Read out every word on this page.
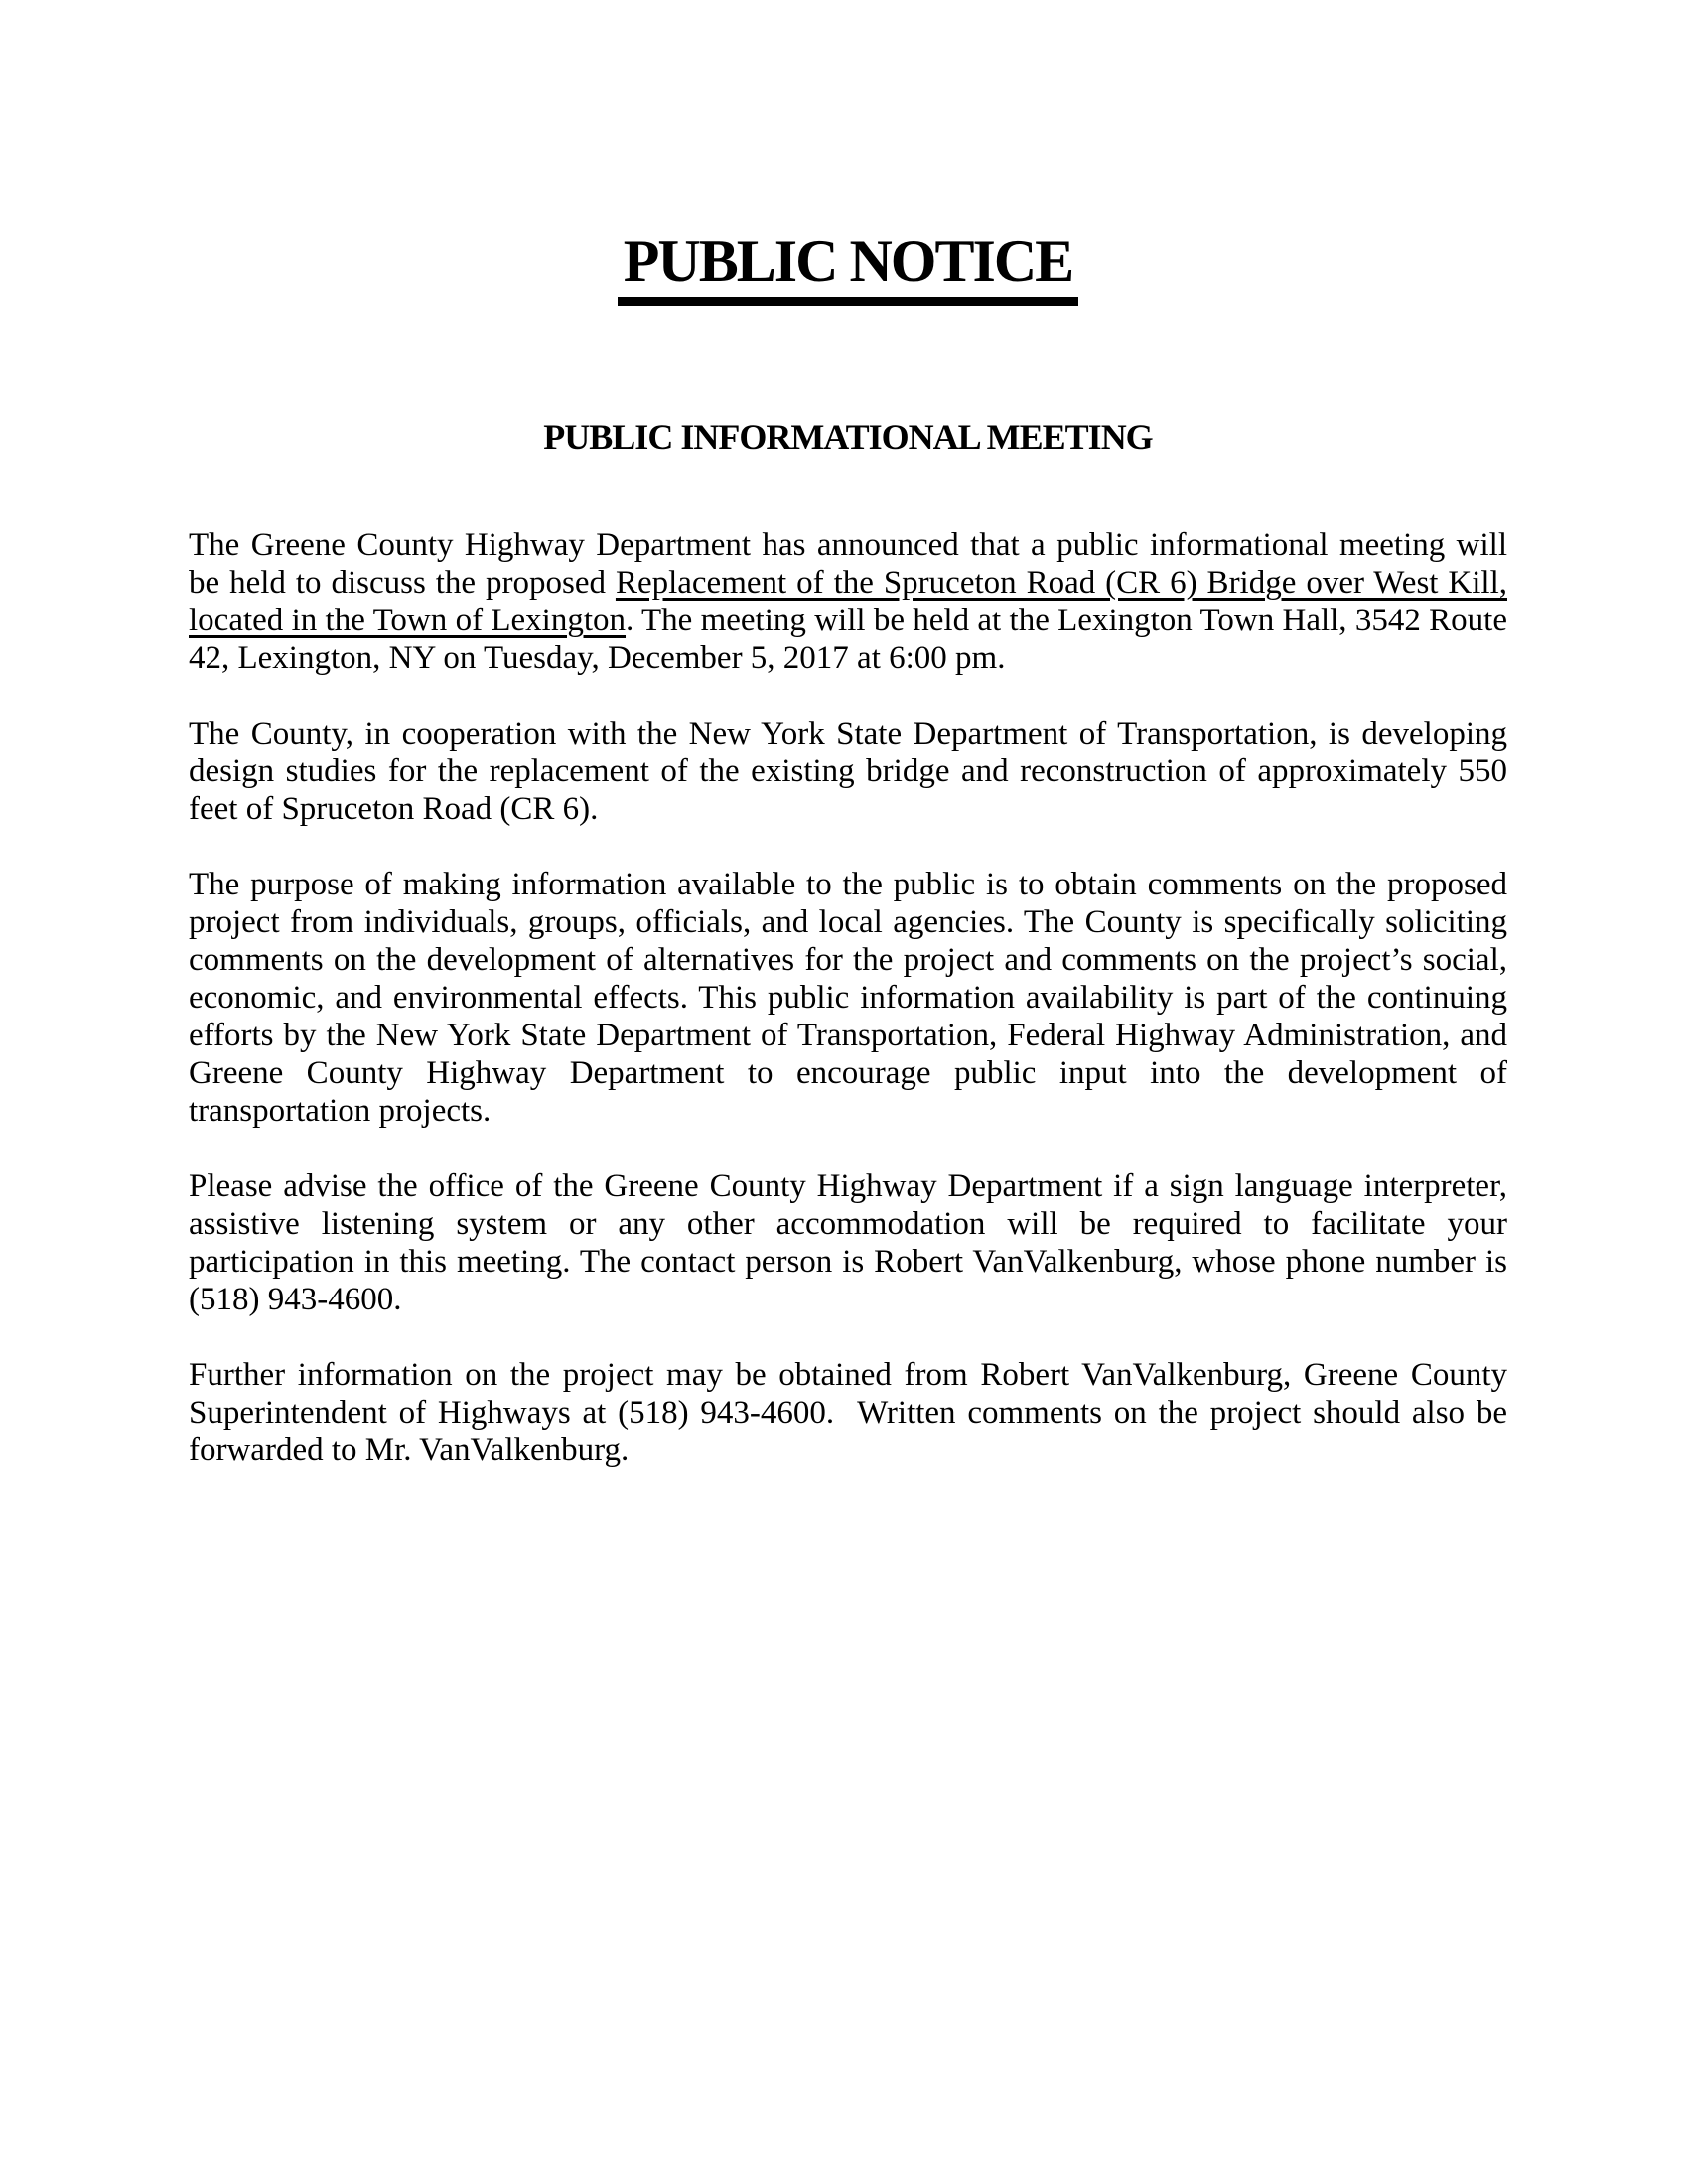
PUBLIC NOTICE
PUBLIC INFORMATIONAL MEETING

The Greene County Highway Department has announced that a public informational meeting will be held to discuss the proposed Replacement of the Spruceton Road (CR 6) Bridge over West Kill, located in the Town of Lexington. The meeting will be held at the Lexington Town Hall, 3542 Route 42, Lexington, NY on Tuesday, December 5, 2017 at 6:00 pm.

The County, in cooperation with the New York State Department of Transportation, is developing design studies for the replacement of the existing bridge and reconstruction of approximately 550 feet of Spruceton Road (CR 6).

The purpose of making information available to the public is to obtain comments on the proposed project from individuals, groups, officials, and local agencies. The County is specifically soliciting comments on the development of alternatives for the project and comments on the project’s social, economic, and environmental effects. This public information availability is part of the continuing efforts by the New York State Department of Transportation, Federal Highway Administration, and Greene County Highway Department to encourage public input into the development of transportation projects.

Please advise the office of the Greene County Highway Department if a sign language interpreter, assistive listening system or any other accommodation will be required to facilitate your participation in this meeting. The contact person is Robert VanValkenburg, whose phone number is (518) 943-4600.

Further information on the project may be obtained from Robert VanValkenburg, Greene County Superintendent of Highways at (518) 943-4600.  Written comments on the project should also be forwarded to Mr. VanValkenburg.
